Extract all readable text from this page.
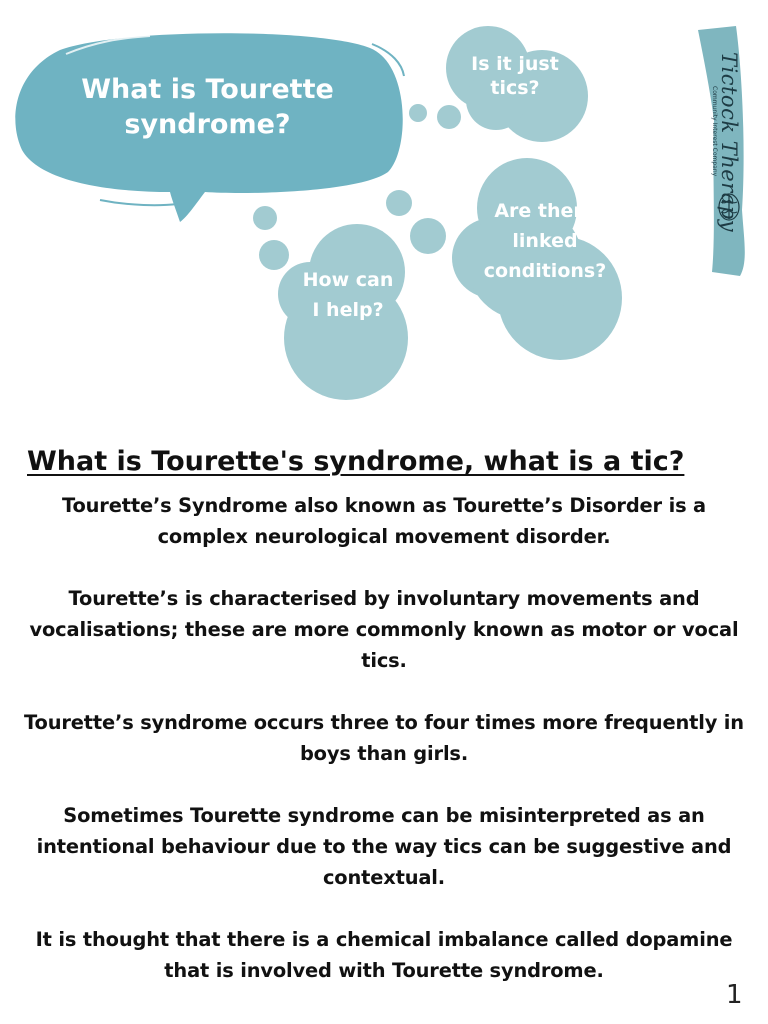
What is Tourette syndrome?
Is it just tics?
Are there linked conditions?
How can I help?
Tictock Therapy
Community Interest Company
What is Tourette's syndrome, what is a tic?

Tourette’s Syndrome also known as Tourette’s Disorder is a complex neurological movement disorder.

Tourette’s is characterised by involuntary movements and vocalisations; these are more commonly known as motor or vocal tics.

Tourette’s syndrome occurs three to four times more frequently in boys than girls.

Sometimes Tourette syndrome can be misinterpreted as an intentional behaviour due to the way tics can be suggestive and contextual.

It is thought that there is a chemical imbalance called dopamine that is involved with Tourette syndrome.

1
